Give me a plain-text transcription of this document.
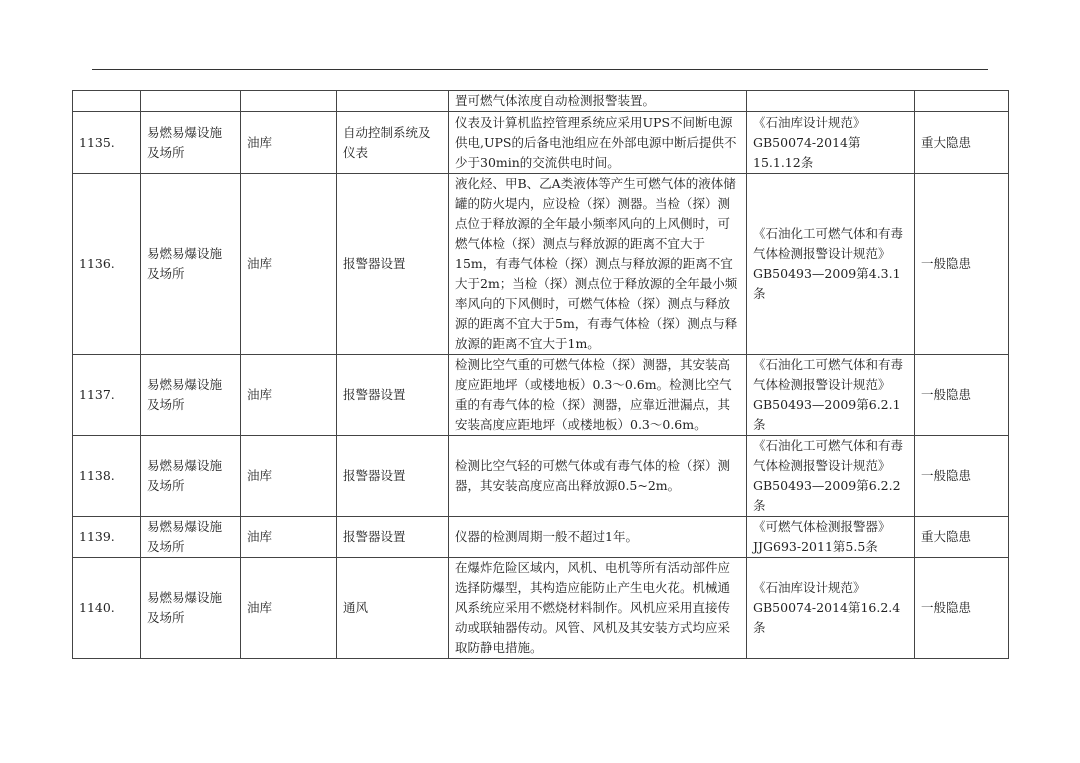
				置可燃气体浓度自动检测报警装置。		
1135.	易燃易爆设施及场所	油库	自动控制系统及仪表	仪表及计算机监控管理系统应采用UPS不间断电源供电,UPS的后备电池组应在外部电源中断后提供不少于30min的交流供电时间。	《石油库设计规范》GB50074-2014第15.1.12条	重大隐患
1136.	易燃易爆设施及场所	油库	报警器设置	液化烃、甲B、乙A类液体等产生可燃气体的液体储罐的防火堤内，应设检（探）测器。当检（探）测点位于释放源的全年最小频率风向的上风侧时，可燃气体检（探）测点与释放源的距离不宜大于15m，有毒气体检（探）测点与释放源的距离不宜大于2m；当检（探）测点位于释放源的全年最小频率风向的下风侧时，可燃气体检（探）测点与释放源的距离不宜大于5m，有毒气体检（探）测点与释放源的距离不宜大于1m。	《石油化工可燃气体和有毒气体检测报警设计规范》GB50493—2009第4.3.1条	一般隐患
1137.	易燃易爆设施及场所	油库	报警器设置	检测比空气重的可燃气体检（探）测器，其安装高度应距地坪（或楼地板）0.3～0.6m。检测比空气重的有毒气体的检（探）测器，应靠近泄漏点，其安装高度应距地坪（或楼地板）0.3～0.6m。	《石油化工可燃气体和有毒气体检测报警设计规范》GB50493—2009第6.2.1条	一般隐患
1138.	易燃易爆设施及场所	油库	报警器设置	检测比空气轻的可燃气体或有毒气体的检（探）测器，其安装高度应高出释放源0.5~2m。	《石油化工可燃气体和有毒气体检测报警设计规范》GB50493—2009第6.2.2条	一般隐患
1139.	易燃易爆设施及场所	油库	报警器设置	仪器的检测周期一般不超过1年。	《可燃气体检测报警器》JJG693-2011第5.5条	重大隐患
1140.	易燃易爆设施及场所	油库	通风	在爆炸危险区域内，风机、电机等所有活动部件应选择防爆型，其构造应能防止产生电火花。机械通风系统应采用不燃烧材料制作。风机应采用直接传动或联轴器传动。风管、风机及其安装方式均应采取防静电措施。	《石油库设计规范》GB50074-2014第16.2.4条	一般隐患
